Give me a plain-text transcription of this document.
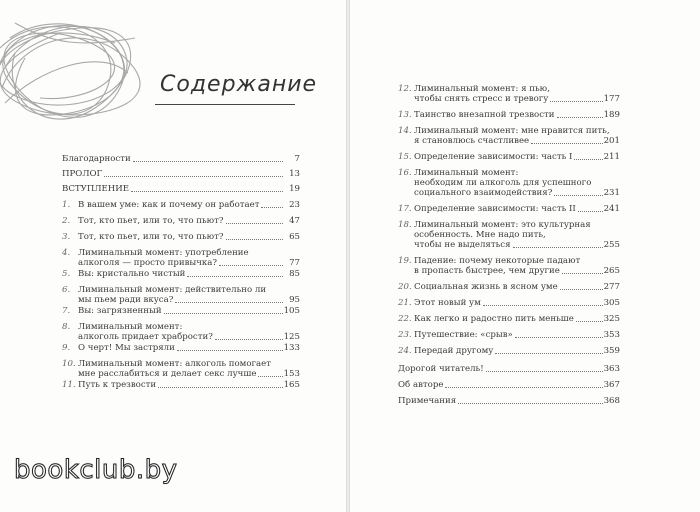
Содержание
Благодарности	7
ПРОЛОГ	13
ВСТУПЛЕНИЕ	19
1. В вашем уме: как и почему он работает	23
2. Тот, кто пьет, или то, что пьют?	47
3. Тот, кто пьет, или то, что пьют?	65
4. Лиминальный момент: употребление
алкоголя — просто привычка?	77
5. Вы: кристально чистый	85
6. Лиминальный момент: действительно ли
мы пьем ради вкуса?	95
7. Вы: загрязненный	105
8. Лиминальный момент:
алкоголь придает храбрости?	125
9. О черт! Мы застряли	133
10. Лиминальный момент: алкоголь помогает
мне расслабиться и делает секс лучше	153
11. Путь к трезвости	165
12. Лиминальный момент: я пью,
чтобы снять стресс и тревогу	177
13. Таинство внезапной трезвости	189
14. Лиминальный момент: мне нравится пить,
я становлюсь счастливее	201
15. Определение зависимости: часть I	211
16. Лиминальный момент:
необходим ли алкоголь для успешного
социального взаимодействия?	231
17. Определение зависимости: часть II	241
18. Лиминальный момент: это культурная
особенность. Мне надо пить,
чтобы не выделяться	255
19. Падение: почему некоторые падают
в пропасть быстрее, чем другие	265
20. Социальная жизнь в ясном уме	277
21. Этот новый ум	305
22. Как легко и радостно пить меньше	325
23. Путешествие: «срыв»	353
24. Передай другому	359
Дорогой читатель!	363
Об авторе	367
Примечания	368
bookclub.by
